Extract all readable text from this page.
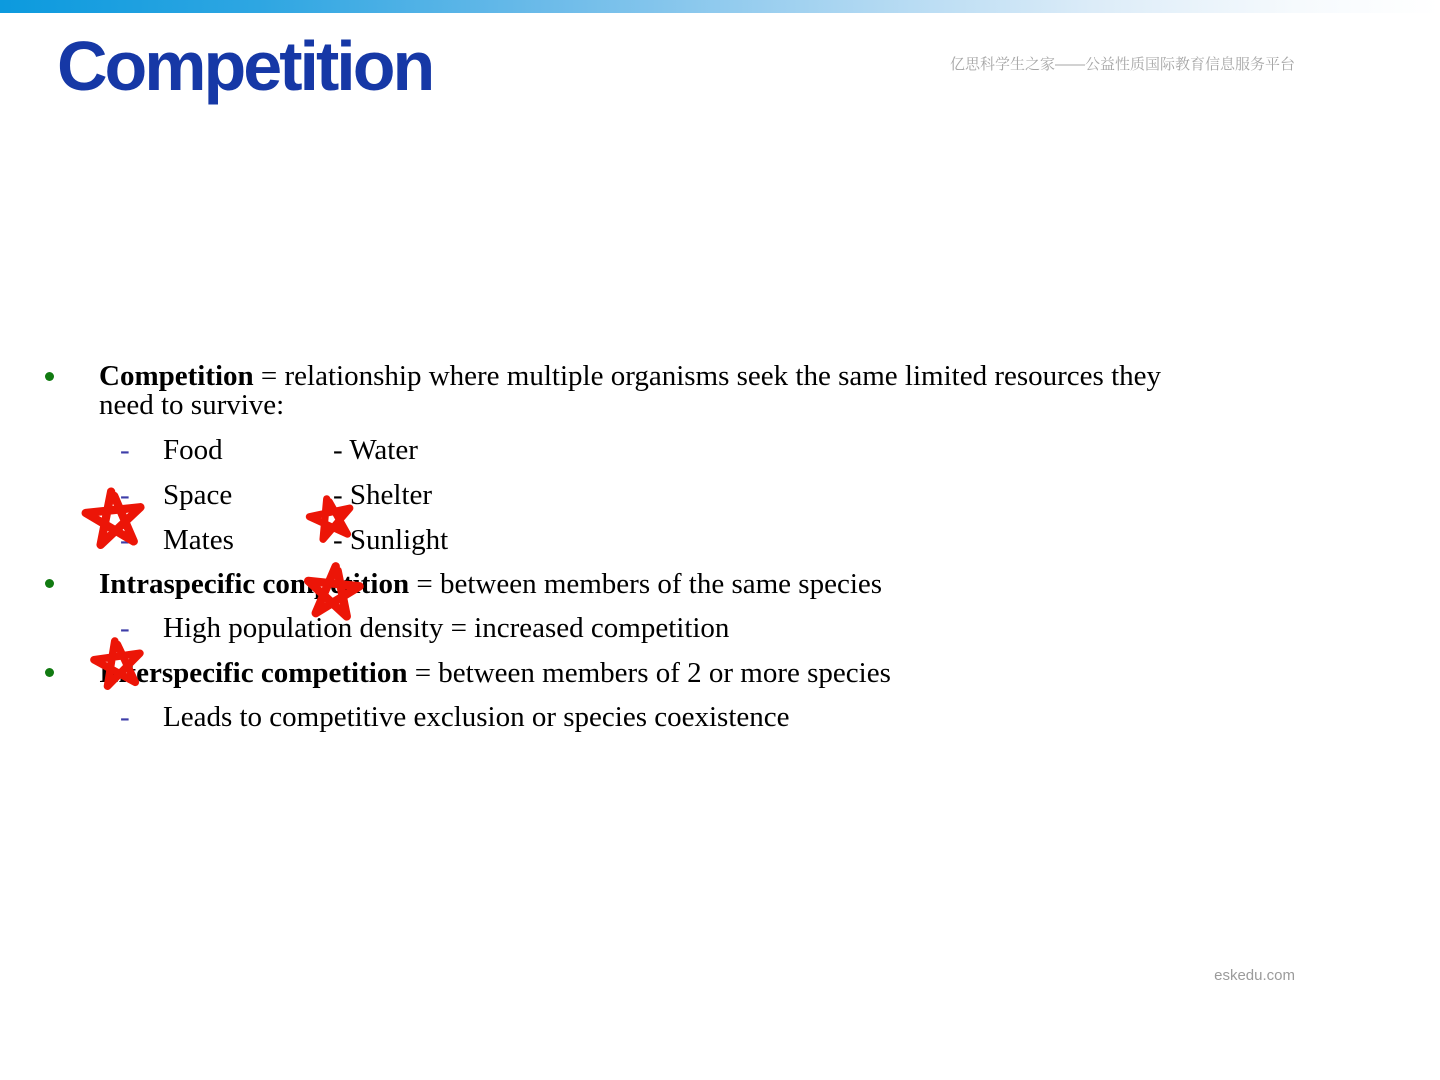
Competition	亿思科学生之家——公益性质国际教育信息服务平台
Competition = relationship where multiple organisms seek the same limited resources they
need to survive:
- Food	- Water
- Space	- Shelter
- Mates	- Sunlight
Intraspecific competition = between members of the same species
- High population density = increased competition
Interspecific competition = between members of 2 or more species
- Leads to competitive exclusion or species coexistence
eskedu.com
